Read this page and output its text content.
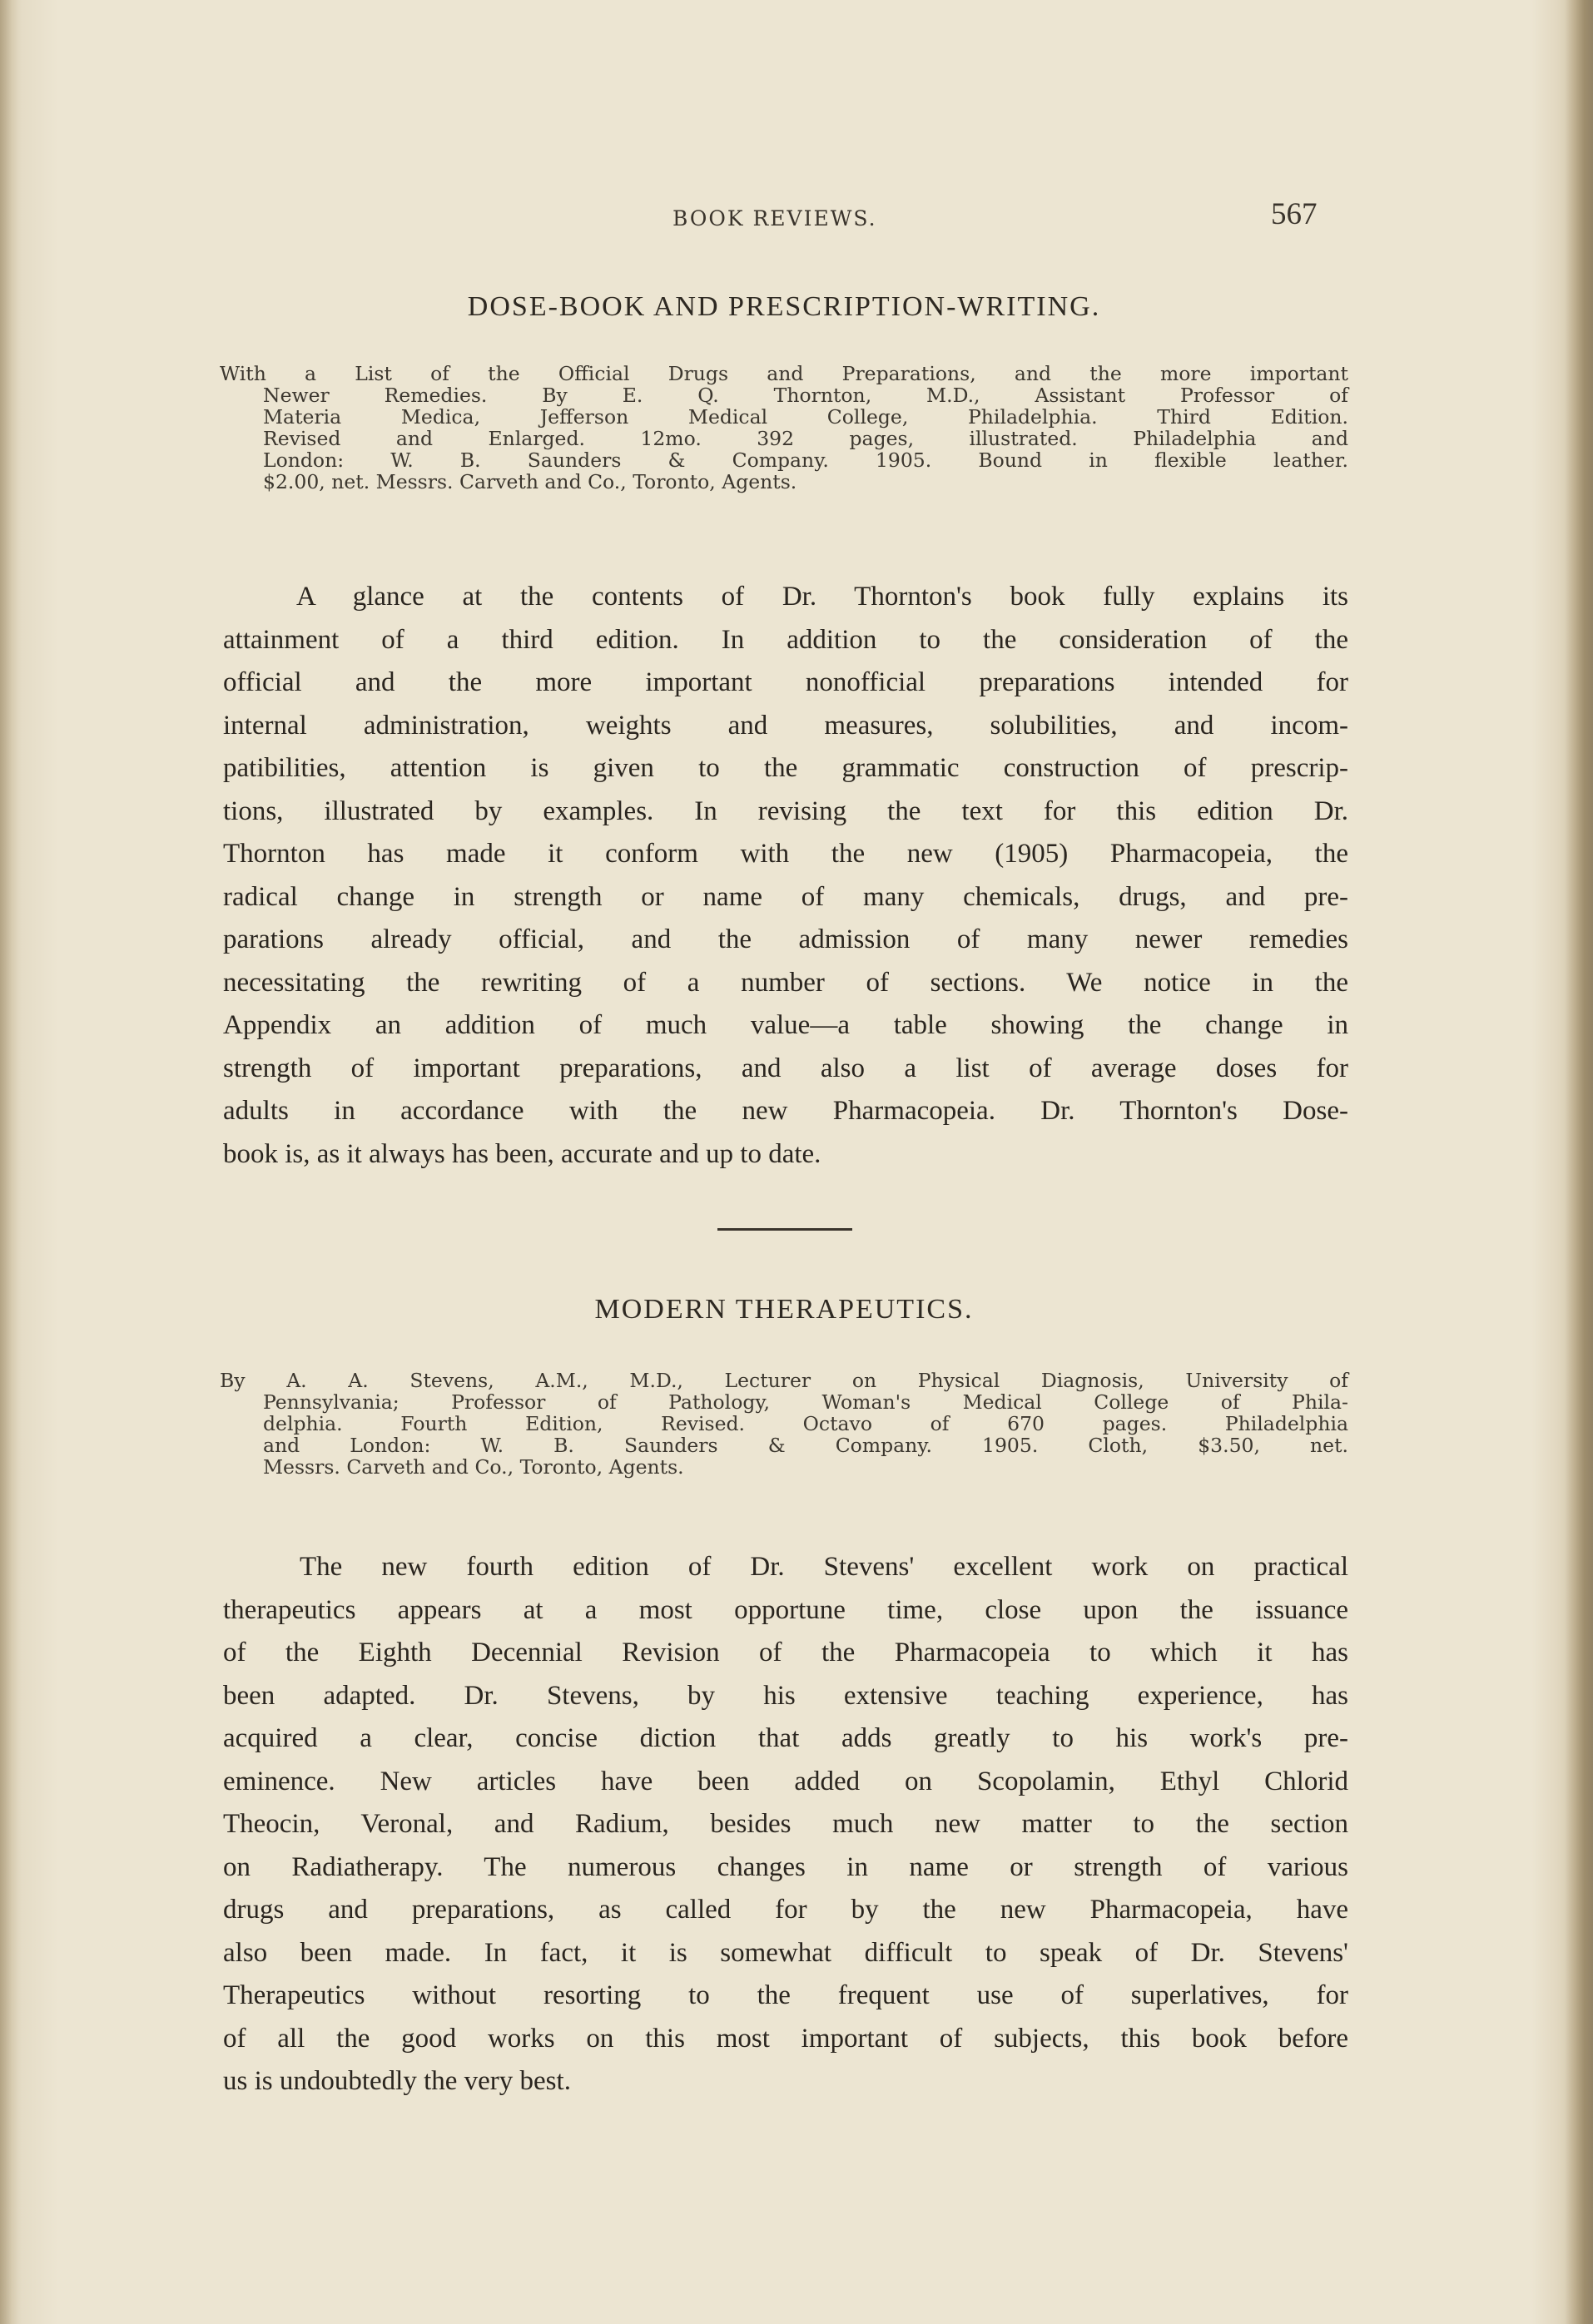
BOOK REVIEWS.	567
DOSE-BOOK AND PRESCRIPTION-WRITING.
With a List of the Official Drugs and Preparations, and the more important
Newer Remedies. By E. Q. Thornton, M.D., Assistant Professor of
Materia Medica, Jefferson Medical College, Philadelphia. Third Edition.
Revised and Enlarged. 12mo. 392 pages, illustrated. Philadelphia and
London: W. B. Saunders & Company. 1905. Bound in flexible leather.
$2.00, net. Messrs. Carveth and Co., Toronto, Agents.
A glance at the contents of Dr. Thornton's book fully explains its
attainment of a third edition. In addition to the consideration of the
official and the more important nonofficial preparations intended for
internal administration, weights and measures, solubilities, and incom-
patibilities, attention is given to the grammatic construction of prescrip-
tions, illustrated by examples. In revising the text for this edition Dr.
Thornton has made it conform with the new (1905) Pharmacopeia, the
radical change in strength or name of many chemicals, drugs, and pre-
parations already official, and the admission of many newer remedies
necessitating the rewriting of a number of sections. We notice in the
Appendix an addition of much value—a table showing the change in
strength of important preparations, and also a list of average doses for
adults in accordance with the new Pharmacopeia. Dr. Thornton's Dose-
book is, as it always has been, accurate and up to date.
MODERN THERAPEUTICS.
By A. A. Stevens, A.M., M.D., Lecturer on Physical Diagnosis, University of
Pennsylvania; Professor of Pathology, Woman's Medical College of Phila-
delphia. Fourth Edition, Revised. Octavo of 670 pages. Philadelphia
and London: W. B. Saunders & Company. 1905. Cloth, $3.50, net.
Messrs. Carveth and Co., Toronto, Agents.
The new fourth edition of Dr. Stevens' excellent work on practical
therapeutics appears at a most opportune time, close upon the issuance
of the Eighth Decennial Revision of the Pharmacopeia to which it has
been adapted. Dr. Stevens, by his extensive teaching experience, has
acquired a clear, concise diction that adds greatly to his work's pre-
eminence. New articles have been added on Scopolamin, Ethyl Chlorid
Theocin, Veronal, and Radium, besides much new matter to the section
on Radiatherapy. The numerous changes in name or strength of various
drugs and preparations, as called for by the new Pharmacopeia, have
also been made. In fact, it is somewhat difficult to speak of Dr. Stevens'
Therapeutics without resorting to the frequent use of superlatives, for
of all the good works on this most important of subjects, this book before
us is undoubtedly the very best.
